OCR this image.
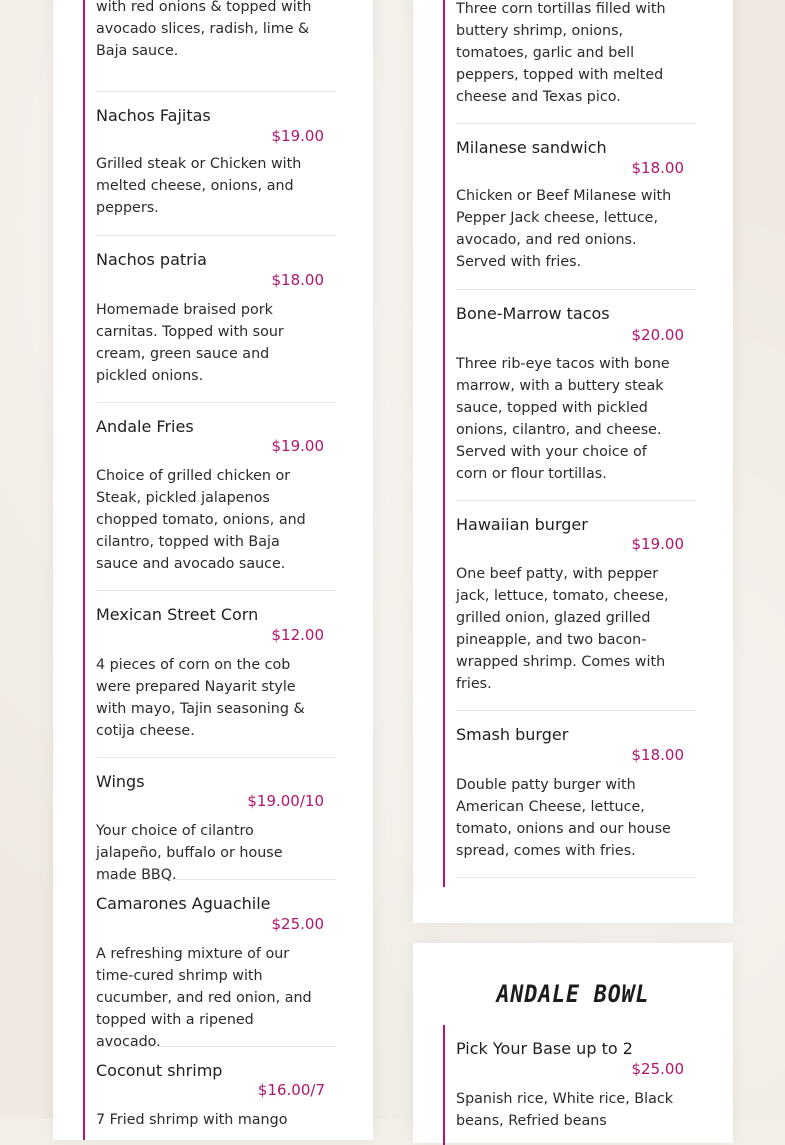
with red onions & topped with avocado slices, radish, lime & Baja sauce.
Nachos Fajitas
$19.00
Grilled steak or Chicken with melted cheese, onions, and peppers.
Nachos patria
$18.00
Homemade braised pork carnitas. Topped with sour cream, green sauce and pickled onions.
Andale Fries
$19.00
Choice of grilled chicken or Steak, pickled jalapenos chopped tomato, onions, and cilantro, topped with Baja sauce and avocado sauce.
Mexican Street Corn
$12.00
4 pieces of corn on the cob were prepared Nayarit style with mayo, Tajin seasoning & cotija cheese.
Wings
$19.00/10
Your choice of cilantro jalapeño, buffalo or house made BBQ.
Camarones Aguachile
$25.00
A refreshing mixture of our time-cured shrimp with cucumber, and red onion, and topped with a ripened avocado.
Coconut shrimp
$16.00/7
7 Fried shrimp with mango
Three corn tortillas filled with buttery shrimp, onions, tomatoes, garlic and bell peppers, topped with melted cheese and Texas pico.
Milanese sandwich
$18.00
Chicken or Beef Milanese with Pepper Jack cheese, lettuce, avocado, and red onions. Served with fries.
Bone-Marrow tacos
$20.00
Three rib-eye tacos with bone marrow, with a buttery steak sauce, topped with pickled onions, cilantro, and cheese. Served with your choice of corn or flour tortillas.
Hawaiian burger
$19.00
One beef patty, with pepper jack, lettuce, tomato, cheese, grilled onion, glazed grilled pineapple, and two bacon-wrapped shrimp. Comes with fries.
Smash burger
$18.00
Double patty burger with American Cheese, lettuce, tomato, onions and our house spread, comes with fries.
ANDALE BOWL
Pick Your Base up to 2
$25.00
Spanish rice, White rice, Black beans, Refried beans
